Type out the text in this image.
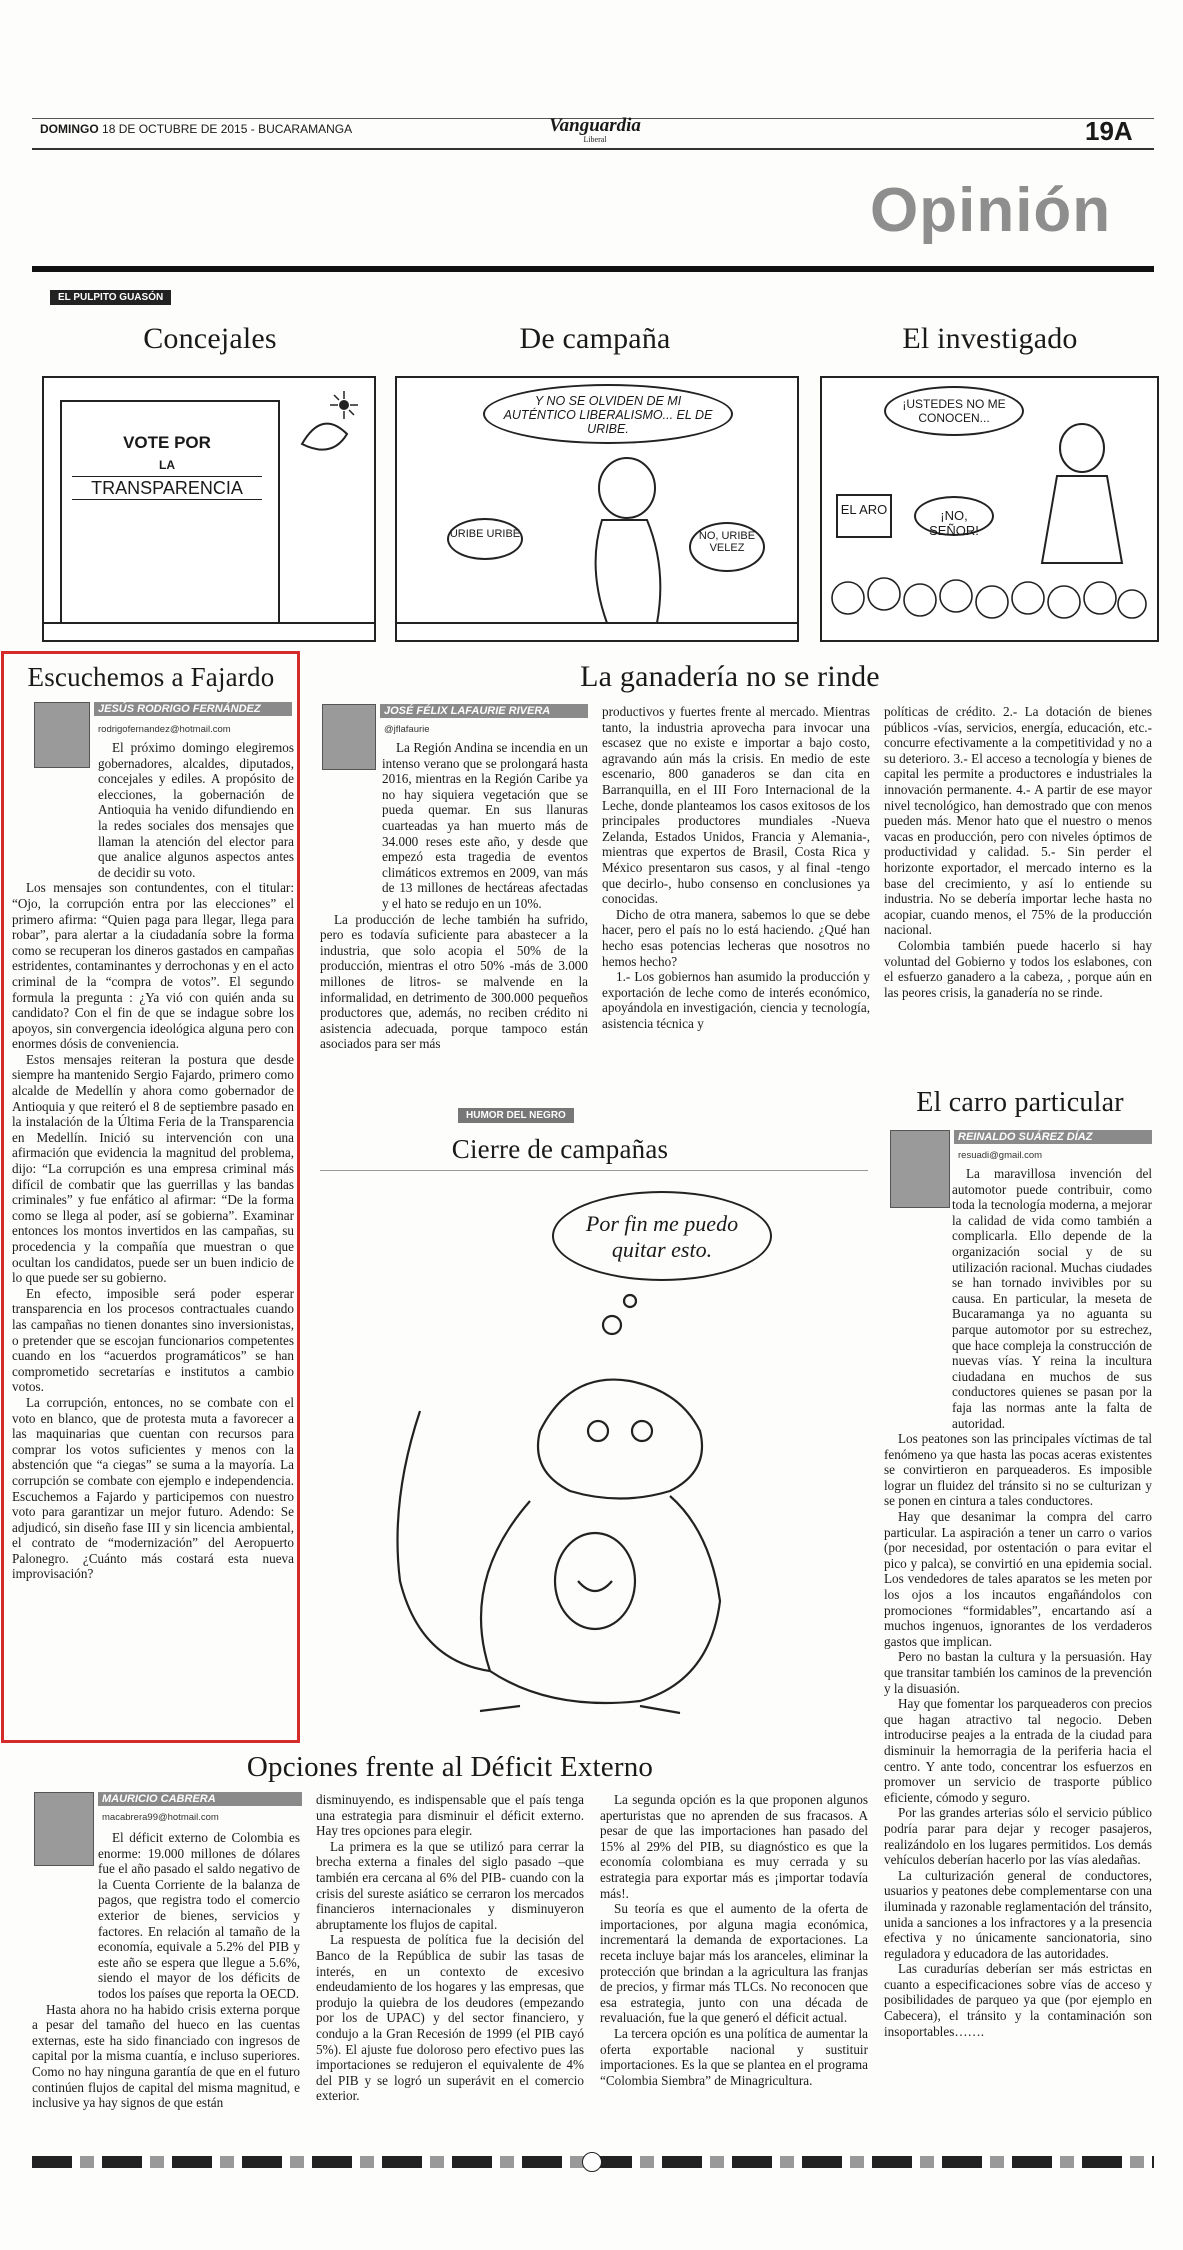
DOMINGO 18 DE OCTUBRE DE 2015 - BUCARAMANGA	Vanguardia
Liberal	19A
Opinión
EL PULPITO GUASÓN
Concejales	De campaña	El investigado
VOTE POR
LA
TRANSPARENCIA
Y NO SE OLVIDEN DE MI AUTÉNTICO LIBERALISMO... EL DE URIBE.
URIBE URIBE	NO, URIBE VELEZ
¡USTEDES NO ME CONOCEN...
EL ARO	¡NO, SEÑOR!
Escuchemos a Fajardo
JESÚS RODRIGO FERNÁNDEZ
rodrigofernandez@hotmail.com

El próximo domingo elegiremos gobernadores, alcaldes, diputados, concejales y ediles. A propósito de elecciones, la gobernación de Antioquia ha venido difundiendo en la redes sociales dos mensajes que llaman la atención del elector para que analice algunos aspectos antes de decidir su voto.

Los mensajes son contundentes, con el titular: “Ojo, la corrupción entra por las elecciones” el primero afirma: “Quien paga para llegar, llega para robar”, para alertar a la ciudadanía sobre la forma como se recuperan los dineros gastados en campañas estridentes, contaminantes y derrochonas y en el acto criminal de la “compra de votos”. El segundo formula la pregunta : ¿Ya vió con quién anda su candidato? Con el fin de que se indague sobre los apoyos, sin convergencia ideológica alguna pero con enormes dósis de conveniencia.

Estos mensajes reiteran la postura que desde siempre ha mantenido Sergio Fajardo, primero como alcalde de Medellín y ahora como gobernador de Antioquia y que reiteró el 8 de septiembre pasado en la instalación de la Última Feria de la Transparencia en Medellín. Inició su intervención con una afirmación que evidencia la magnitud del problema, dijo: “La corrupción es una empresa criminal más difícil de combatir que las guerrillas y las bandas criminales” y fue enfático al afirmar: “De la forma como se llega al poder, así se gobierna”. Examinar entonces los montos invertidos en las campañas, su procedencia y la compañía que muestran o que ocultan los candidatos, puede ser un buen indicio de lo que puede ser su gobierno.

En efecto, imposible será poder esperar transparencia en los procesos contractuales cuando las campañas no tienen donantes sino inversionistas, o pretender que se escojan funcionarios competentes cuando en los “acuerdos programáticos” se han comprometido secretarías e institutos a cambio votos.

La corrupción, entonces, no se combate con el voto en blanco, que de protesta muta a favorecer a las maquinarias que cuentan con recursos para comprar los votos suficientes y menos con la abstención que “a ciegas” se suma a la mayoría. La corrupción se combate con ejemplo e independencia. Escuchemos a Fajardo y participemos con nuestro voto para garantizar un mejor futuro. Adendo: Se adjudicó, sin diseño fase III y sin licencia ambiental, el contrato de “modernización” del Aeropuerto Palonegro. ¿Cuánto más costará esta nueva improvisación?

La ganadería no se rinde
JOSÉ FÉLIX LAFAURIE RIVERA
@jflafaurie

La Región Andina se incendia en un intenso verano que se prolongará hasta 2016, mientras en la Región Caribe ya no hay siquiera vegetación que se pueda quemar. En sus llanuras cuarteadas ya han muerto más de 34.000 reses este año, y desde que empezó esta tragedia de eventos climáticos extremos en 2009, van más de 13 millones de hectáreas afectadas y el hato se redujo en un 10%.

La producción de leche también ha sufrido, pero es todavía suficiente para abastecer a la industria, que solo acopia el 50% de la producción, mientras el otro 50% -más de 3.000 millones de litros- se malvende en la informalidad, en detrimento de 300.000 pequeños productores que, además, no reciben crédito ni asistencia adecuada, porque tampoco están asociados para ser más

productivos y fuertes frente al mercado. Mientras tanto, la industria aprovecha para invocar una escasez que no existe e importar a bajo costo, agravando aún más la crisis. En medio de este escenario, 800 ganaderos se dan cita en Barranquilla, en el III Foro Internacional de la Leche, donde planteamos los casos exitosos de los principales productores mundiales -Nueva Zelanda, Estados Unidos, Francia y Alemania-, mientras que expertos de Brasil, Costa Rica y México presentaron sus casos, y al final -tengo que decirlo-, hubo consenso en conclusiones ya conocidas.

Dicho de otra manera, sabemos lo que se debe hacer, pero el país no lo está haciendo. ¿Qué han hecho esas potencias lecheras que nosotros no hemos hecho?

1.- Los gobiernos han asumido la producción y exportación de leche como de interés económico, apoyándola en investigación, ciencia y tecnología, asistencia técnica y

políticas de crédito. 2.- La dotación de bienes públicos -vías, servicios, energía, educación, etc.- concurre efectivamente a la competitividad y no a su deterioro. 3.- El acceso a tecnología y bienes de capital les permite a productores e industriales la innovación permanente. 4.- A partir de ese mayor nivel tecnológico, han demostrado que con menos pueden más. Menor hato que el nuestro o menos vacas en producción, pero con niveles óptimos de productividad y calidad. 5.- Sin perder el horizonte exportador, el mercado interno es la base del crecimiento, y así lo entiende su industria. No se debería importar leche hasta no acopiar, cuando menos, el 75% de la producción nacional.

Colombia también puede hacerlo si hay voluntad del Gobierno y todos los eslabones, con el esfuerzo ganadero a la cabeza, , porque aún en las peores crisis, la ganadería no se rinde.

HUMOR DEL NEGRO
Cierre de campañas
Por fin me puedo quitar esto.
El carro particular
REINALDO SUÁREZ DÍAZ
resuadi@gmail.com

La maravillosa invención del automotor puede contribuir, como toda la tecnología moderna, a mejorar la calidad de vida como también a complicarla. Ello depende de la organización social y de su utilización racional. Muchas ciudades se han tornado invivibles por su causa. En particular, la meseta de Bucaramanga ya no aguanta su parque automotor por su estrechez, que hace compleja la construcción de nuevas vías. Y reina la incultura ciudadana en muchos de sus conductores quienes se pasan por la faja las normas ante la falta de autoridad.

Los peatones son las principales víctimas de tal fenómeno ya que hasta las pocas aceras existentes se convirtieron en parqueaderos. Es imposible lograr un fluidez del tránsito si no se culturizan y se ponen en cintura a tales conductores.

Hay que desanimar la compra del carro particular. La aspiración a tener un carro o varios (por necesidad, por ostentación o para evitar el pico y palca), se convirtió en una epidemia social. Los vendedores de tales aparatos se les meten por los ojos a los incautos engañándolos con promociones “formidables”, encartando así a muchos ingenuos, ignorantes de los verdaderos gastos que implican.

Pero no bastan la cultura y la persuasión. Hay que transitar también los caminos de la prevención y la disuasión.

Hay que fomentar los parqueaderos con precios que hagan atractivo tal negocio. Deben introducirse peajes a la entrada de la ciudad para disminuir la hemorragia de la periferia hacia el centro. Y ante todo, concentrar los esfuerzos en promover un servicio de trasporte público eficiente, cómodo y seguro.

Por las grandes arterias sólo el servicio público podría parar para dejar y recoger pasajeros, realizándolo en los lugares permitidos. Los demás vehículos deberían hacerlo por las vías aledañas.

La culturización general de conductores, usuarios y peatones debe complementarse con una iluminada y razonable reglamentación del tránsito, unida a sanciones a los infractores y a la presencia efectiva y no únicamente sancionatoria, sino reguladora y educadora de las autoridades.

Las curadurías deberían ser más estrictas en cuanto a especificaciones sobre vías de acceso y posibilidades de parqueo ya que (por ejemplo en Cabecera), el tránsito y la contaminación son insoportables…….

Opciones frente al Déficit Externo
MAURICIO CABRERA
macabrera99@hotmail.com

El déficit externo de Colombia es enorme: 19.000 millones de dólares fue el año pasado el saldo negativo de la Cuenta Corriente de la balanza de pagos, que registra todo el comercio exterior de bienes, servicios y factores. En relación al tamaño de la economía, equivale a 5.2% del PIB y este año se espera que llegue a 5.6%, siendo el mayor de los déficits de todos los países que reporta la OECD.

Hasta ahora no ha habido crisis externa porque a pesar del tamaño del hueco en las cuentas externas, este ha sido financiado con ingresos de capital por la misma cuantía, e incluso superiores. Como no hay ninguna garantía de que en el futuro continúen flujos de capital del misma magnitud, e inclusive ya hay signos de que están

disminuyendo, es indispensable que el país tenga una estrategia para disminuir el déficit externo. Hay tres opciones para elegir.

La primera es la que se utilizó para cerrar la brecha externa a finales del siglo pasado –que también era cercana al 6% del PIB- cuando con la crisis del sureste asiático se cerraron los mercados financieros internacionales y disminuyeron abruptamente los flujos de capital.

La respuesta de política fue la decisión del Banco de la República de subir las tasas de interés, en un contexto de excesivo endeudamiento de los hogares y las empresas, que produjo la quiebra de los deudores (empezando por los de UPAC) y del sector financiero, y condujo a la Gran Recesión de 1999 (el PIB cayó 5%). El ajuste fue doloroso pero efectivo pues las importaciones se redujeron el equivalente de 4% del PIB y se logró un superávit en el comercio exterior.

La segunda opción es la que proponen algunos aperturistas que no aprenden de sus fracasos. A pesar de que las importaciones han pasado del 15% al 29% del PIB, su diagnóstico es que la economía colombiana es muy cerrada y su estrategia para exportar más es ¡importar todavía más!.

Su teoría es que el aumento de la oferta de importaciones, por alguna magia económica, incrementará la demanda de exportaciones. La receta incluye bajar más los aranceles, eliminar la protección que brindan a la agricultura las franjas de precios, y firmar más TLCs. No reconocen que esa estrategia, junto con una década de revaluación, fue la que generó el déficit actual.

La tercera opción es una política de aumentar la oferta exportable nacional y sustituir importaciones. Es la que se plantea en el programa “Colombia Siembra” de Minagricultura.
